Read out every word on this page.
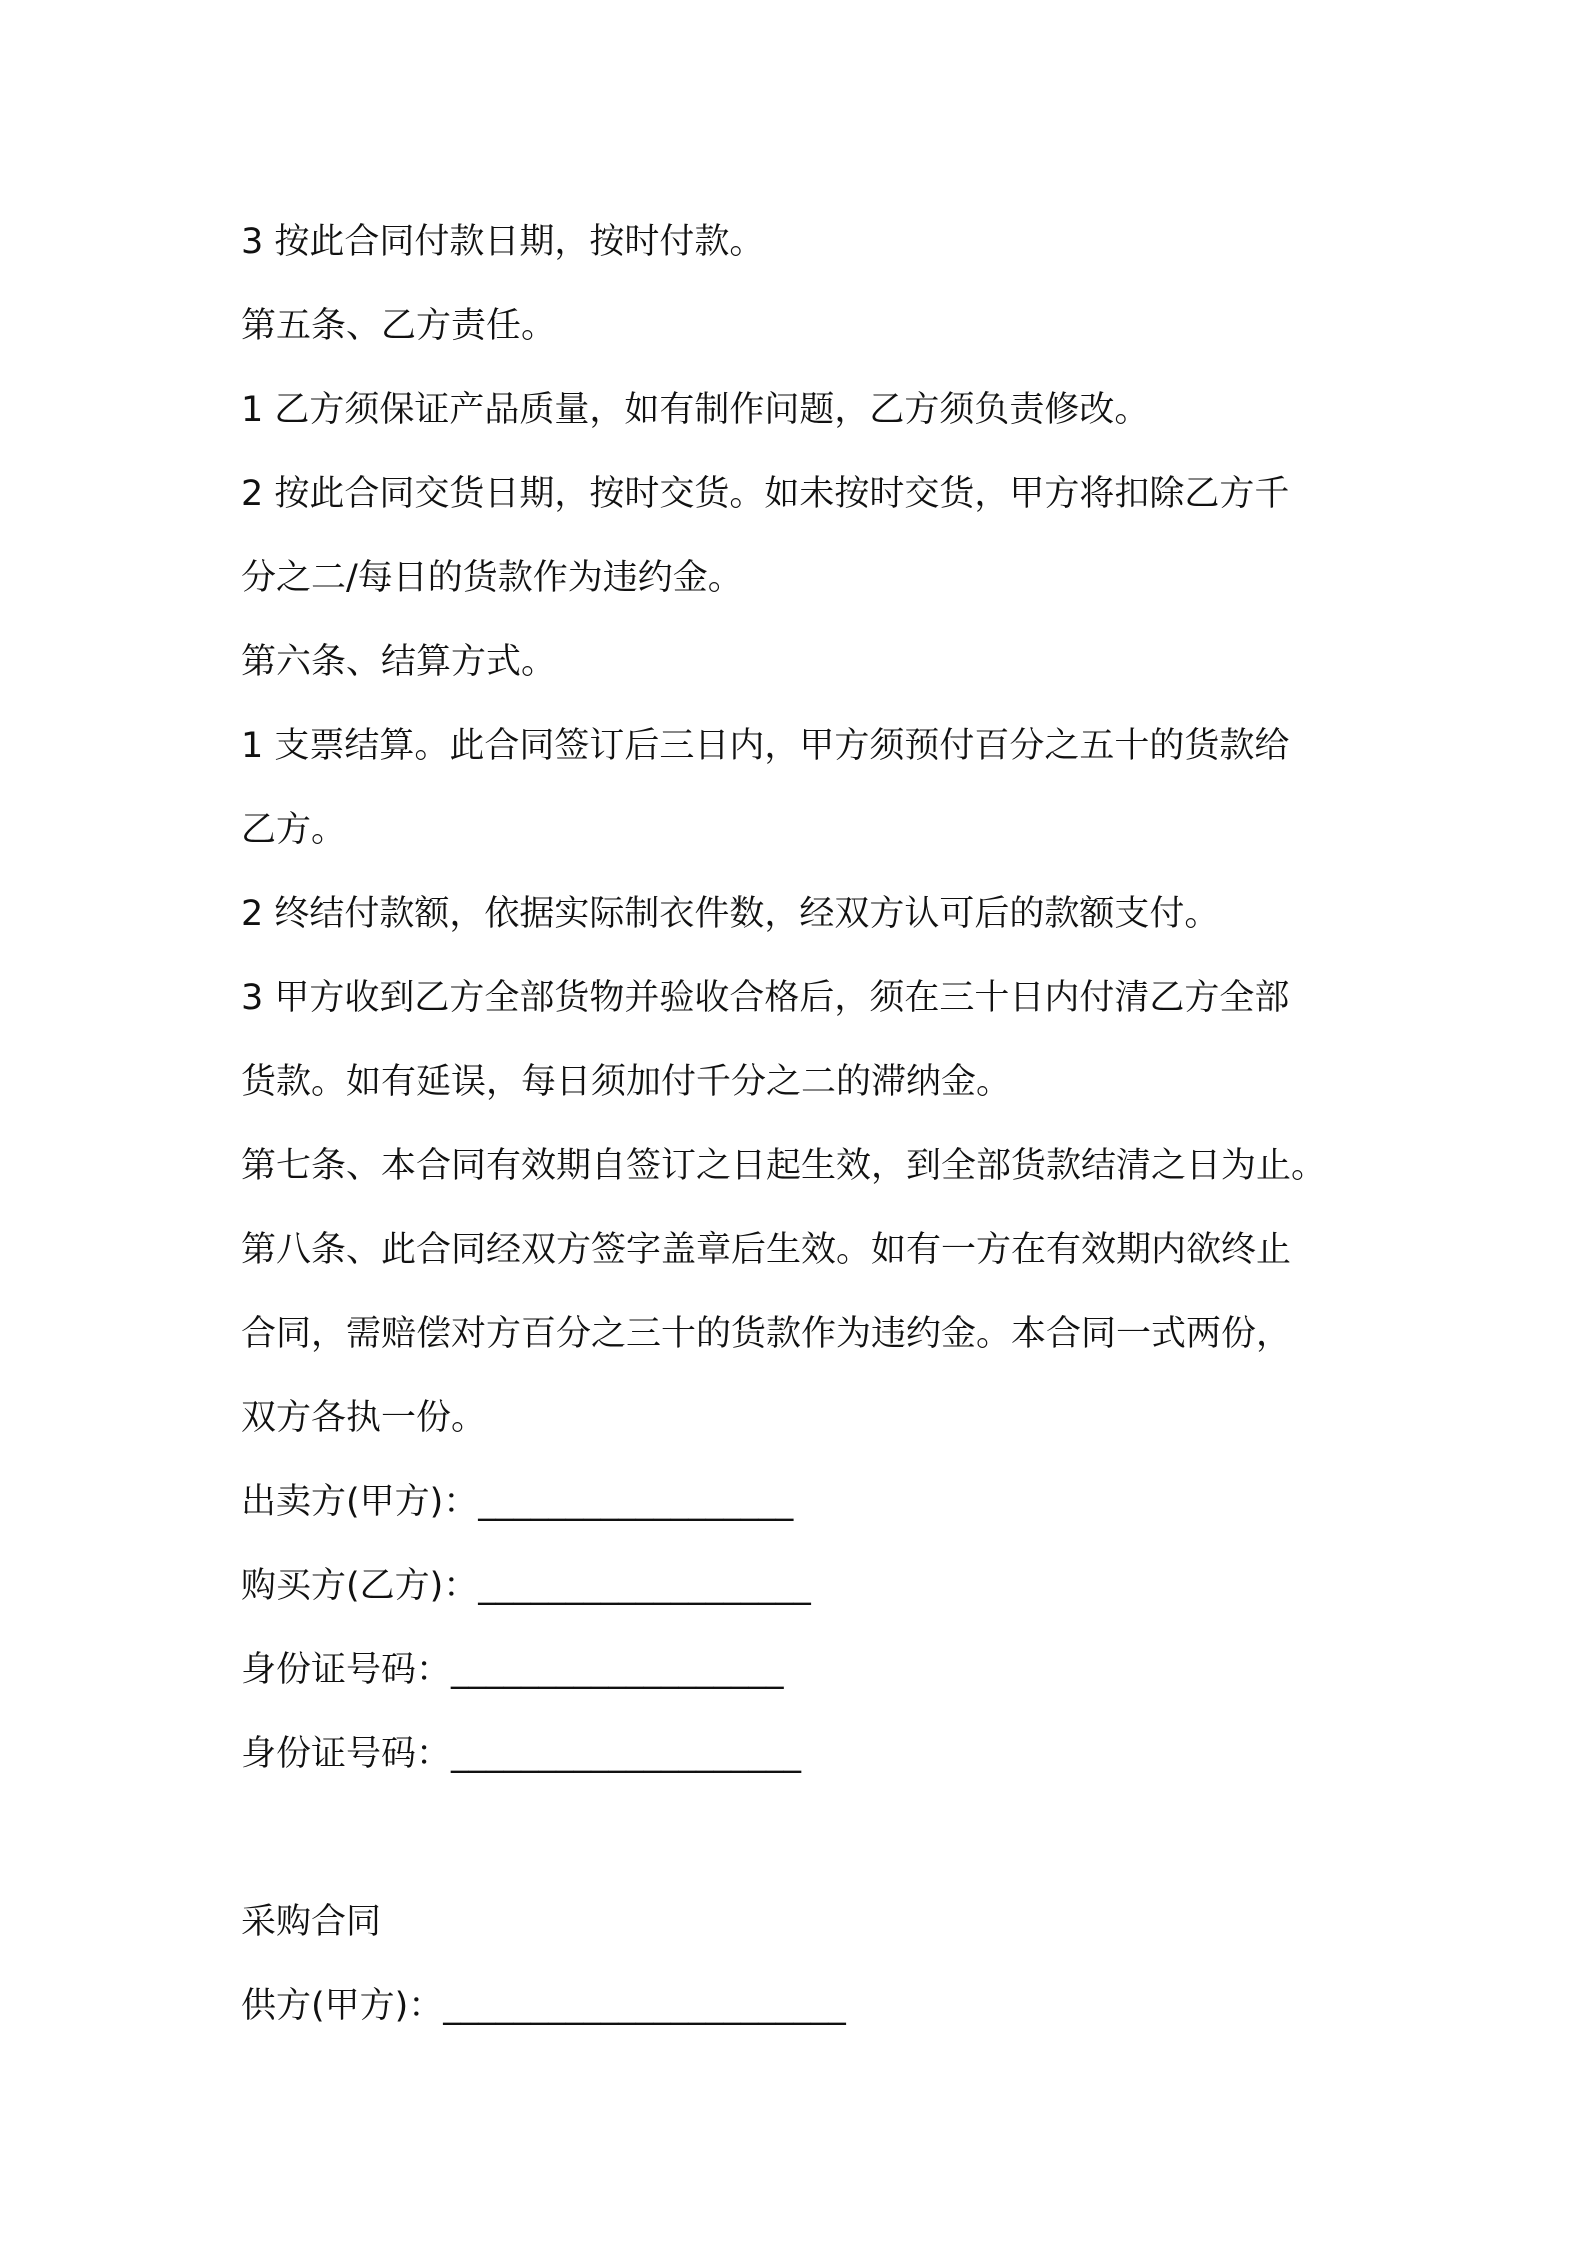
3 按此合同付款日期，按时付款。
第五条、乙方责任。
1 乙方须保证产品质量，如有制作问题，乙方须负责修改。
2 按此合同交货日期，按时交货。如未按时交货，甲方将扣除乙方千
分之二/每日的货款作为违约金。
第六条、结算方式。
1 支票结算。此合同签订后三日内，甲方须预付百分之五十的货款给
乙方。
2 终结付款额，依据实际制衣件数，经双方认可后的款额支付。
3 甲方收到乙方全部货物并验收合格后，须在三十日内付清乙方全部
货款。如有延误，每日须加付千分之二的滞纳金。
第七条、本合同有效期自签订之日起生效，到全部货款结清之日为止。
第八条、此合同经双方签字盖章后生效。如有一方在有效期内欲终止
合同，需赔偿对方百分之三十的货款作为违约金。本合同一式两份，
双方各执一份。
出卖方(甲方)：__________________
购买方(乙方)：___________________
身份证号码：___________________
身份证号码：____________________
采购合同
供方(甲方)：_______________________
